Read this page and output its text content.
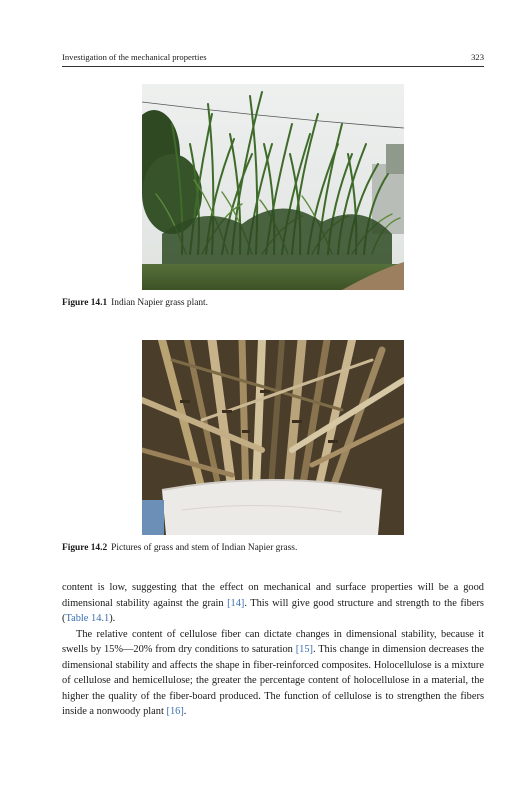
Investigation of the mechanical properties	323
Figure 14.1 Indian Napier grass plant.
Figure 14.2 Pictures of grass and stem of Indian Napier grass.

content is low, suggesting that the effect on mechanical and surface properties will be a good dimensional stability against the grain [14]. This will give good structure and strength to the fibers (Table 14.1).

The relative content of cellulose fiber can dictate changes in dimensional stability, because it swells by 15%—20% from dry conditions to saturation [15]. This change in dimension decreases the dimensional stability and affects the shape in fiber-reinforced composites. Holocellulose is a mixture of cellulose and hemicellulose; the greater the percentage content of holocellulose in a material, the higher the quality of the fiber-board produced. The function of cellulose is to strengthen the fibers inside a nonwoody plant [16].
